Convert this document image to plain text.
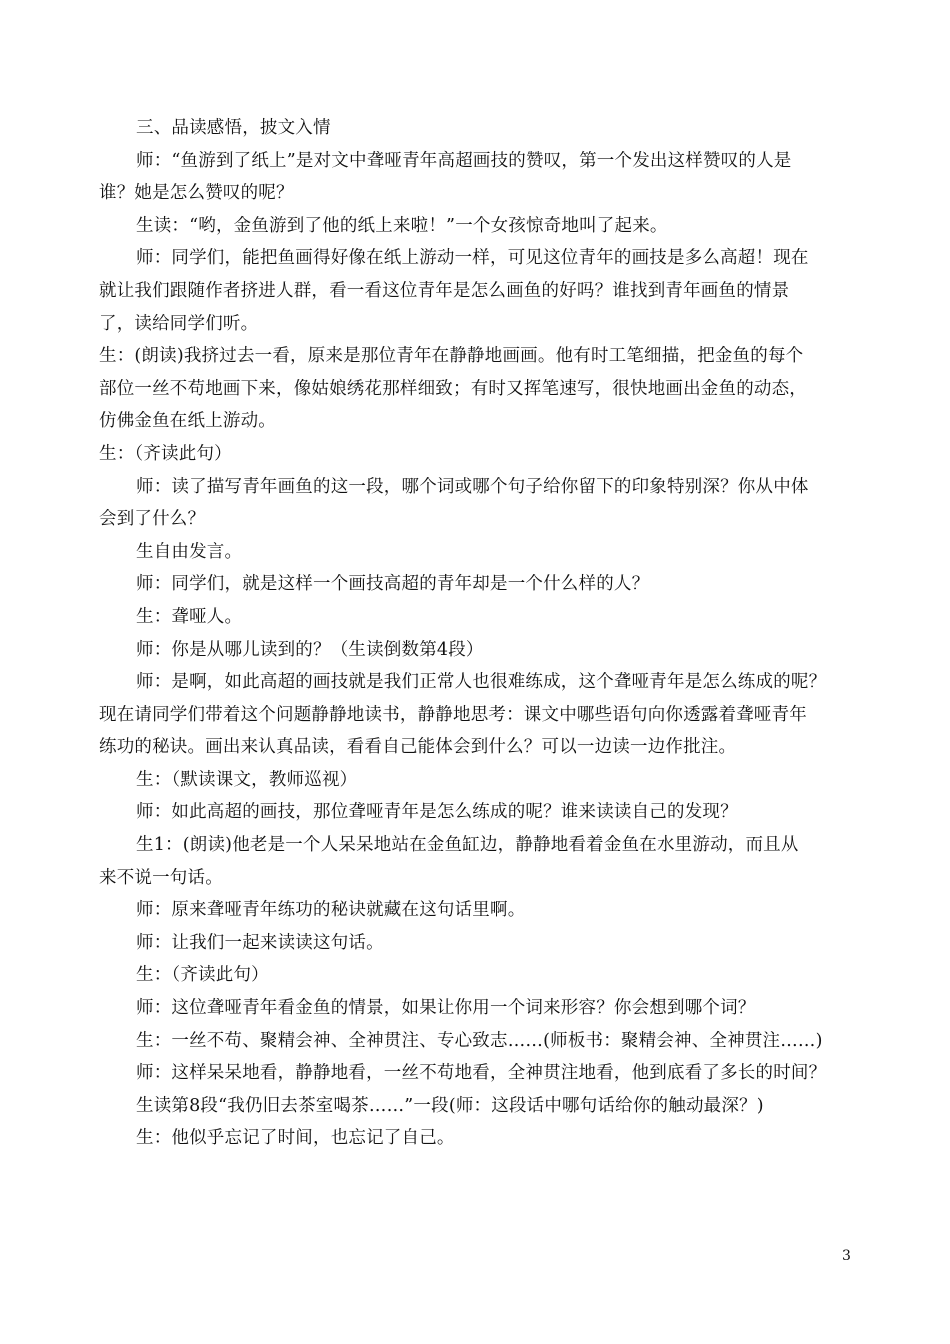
三、品读感悟，披文入情
师：“鱼游到了纸上”是对文中聋哑青年高超画技的赞叹，第一个发出这样赞叹的人是
谁？她是怎么赞叹的呢？
生读：“哟，金鱼游到了他的纸上来啦！”一个女孩惊奇地叫了起来。
师：同学们，能把鱼画得好像在纸上游动一样，可见这位青年的画技是多么高超！现在
就让我们跟随作者挤进人群，看一看这位青年是怎么画鱼的好吗？谁找到青年画鱼的情景
了，读给同学们听。
生：(朗读)我挤过去一看，原来是那位青年在静静地画画。他有时工笔细描，把金鱼的每个
部位一丝不苟地画下来，像姑娘绣花那样细致；有时又挥笔速写，很快地画出金鱼的动态，
仿佛金鱼在纸上游动。
生：（齐读此句）
师：读了描写青年画鱼的这一段，哪个词或哪个句子给你留下的印象特别深？你从中体
会到了什么？
生自由发言。
师：同学们，就是这样一个画技高超的青年却是一个什么样的人？
生：聋哑人。
师：你是从哪儿读到的？（生读倒数第4段）
师：是啊，如此高超的画技就是我们正常人也很难练成，这个聋哑青年是怎么练成的呢？
现在请同学们带着这个问题静静地读书，静静地思考：课文中哪些语句向你透露着聋哑青年
练功的秘诀。画出来认真品读，看看自己能体会到什么？可以一边读一边作批注。
生：（默读课文，教师巡视）
师：如此高超的画技，那位聋哑青年是怎么练成的呢？谁来读读自己的发现？
生1：(朗读)他老是一个人呆呆地站在金鱼缸边，静静地看着金鱼在水里游动，而且从
来不说一句话。
师：原来聋哑青年练功的秘诀就藏在这句话里啊。
师：让我们一起来读读这句话。
生：（齐读此句）
师：这位聋哑青年看金鱼的情景，如果让你用一个词来形容？你会想到哪个词？
生：一丝不苟、聚精会神、全神贯注、专心致志……(师板书：聚精会神、全神贯注……)
师：这样呆呆地看，静静地看，一丝不苟地看，全神贯注地看，他到底看了多长的时间？
生读第8段“我仍旧去茶室喝茶……”一段(师：这段话中哪句话给你的触动最深？)
生：他似乎忘记了时间，也忘记了自己。
3
